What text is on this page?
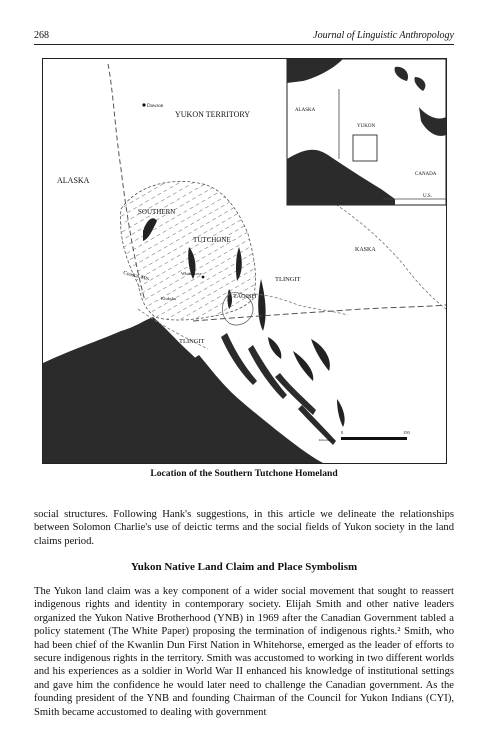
268	Journal of Linguistic Anthropology
Dawson
YUKON TERRITORY
ALASKA
SOUTHERN
TUTCHONE
KASKA
TLINGIT
TAGISH
Coastal Mts	Whitehorse
Klukshu
TLINGIT
ALASKA
YUKON
CANADA
U.S.
0	150
Kilometers
Location of the Southern Tutchone Homeland

social structures. Following Hank's suggestions, in this article we delineate the relationships between Solomon Charlie's use of deictic terms and the social fields of Yukon society in the land claims period.

Yukon Native Land Claim and Place Symbolism

The Yukon land claim was a key component of a wider social movement that sought to reassert indigenous rights and identity in contemporary society. Elijah Smith and other native leaders organized the Yukon Native Brotherhood (YNB) in 1969 after the Canadian Government tabled a policy statement (The White Paper) proposing the termination of indigenous rights.² Smith, who had been chief of the Kwanlin Dun First Nation in Whitehorse, emerged as the leader of efforts to secure indigenous rights in the territory. Smith was accustomed to working in two different worlds and his experiences as a soldier in World War II enhanced his knowledge of institutional settings and gave him the confidence he would later need to challenge the Canadian government. As the founding president of the YNB and founding Chairman of the Council for Yukon Indians (CYI), Smith became accustomed to dealing with government
